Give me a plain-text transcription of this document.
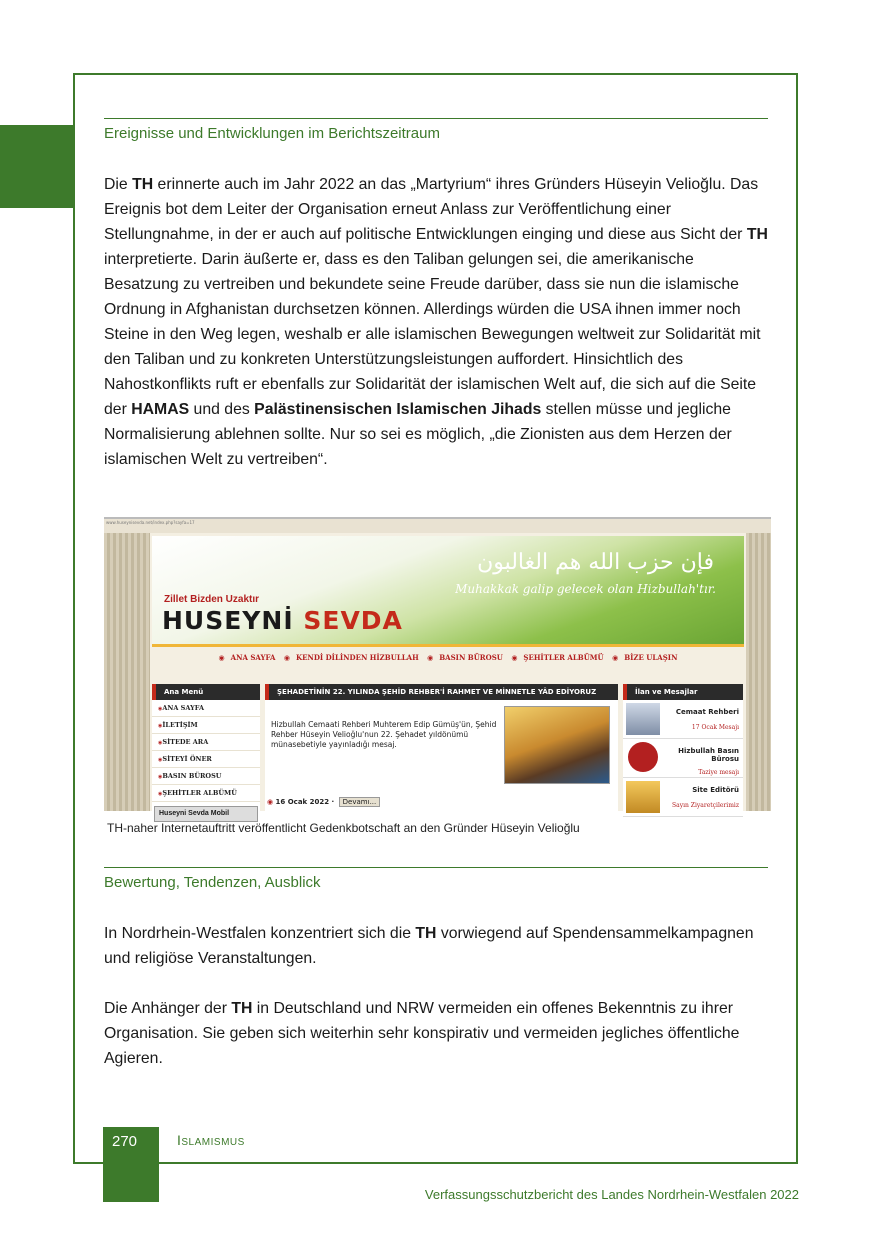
Ereignisse und Entwicklungen im Berichtszeitraum
Die TH erinnerte auch im Jahr 2022 an das „Martyrium“ ihres Gründers Hüseyin Velioğlu. Das Ereignis bot dem Leiter der Organisation erneut Anlass zur Veröffentlichung einer Stellungnahme, in der er auch auf politische Entwicklungen einging und diese aus Sicht der TH interpretierte. Darin äußerte er, dass es den Taliban gelungen sei, die amerikanische Besatzung zu vertreiben und bekundete seine Freude darüber, dass sie nun die islamische Ordnung in Afghanistan durchsetzen können. Allerdings würden die USA ihnen immer noch Steine in den Weg legen, weshalb er alle islamischen Bewegungen weltweit zur Solidarität mit den Taliban und zu konkreten Unterstützungsleistungen auffordert. Hinsichtlich des Nahostkonflikts ruft er ebenfalls zur Solidarität der islamischen Welt auf, die sich auf die Seite der HAMAS und des Palästinensischen Islamischen Jihads stellen müsse und jegliche Normalisierung ablehnen sollte. Nur so sei es möglich, „die Zionisten aus dem Herzen der islamischen Welt zu vertreiben“.
www.huseynisevda.net/index.php?sayfa=17
فإن حزب الله هم الغالبون
Muhakkak galip gelecek olan Hizbullah'tır.
Zillet Bizden Uzaktır
HUSEYNİ SEVDA
◉ ANA SAYFA ◉ KENDİ DİLİNDEN HİZBULLAH ◉ BASIN BÜROSU ◉ ŞEHİTLER ALBÜMÜ ◉ BİZE ULAŞIN
Ana Menü
◉ ANA SAYFA
◉ İLETİŞİM
◉ SİTEDE ARA
◉ SİTEYİ ÖNER
◉ BASIN BÜROSU
◉ ŞEHİTLER ALBÜMÜ
Huseyni Sevda Mobil
ŞEHADETİNİN 22. YILINDA ŞEHİD REHBER'İ RAHMET VE MİNNETLE YÂD EDİYORUZ
Hizbullah Cemaati Rehberi Muhterem Edip Gümüş'ün, Şehid Rehber Hüseyin Velioğlu'nun 22. Şehadet yıldönümü münasebetiyle yayınladığı mesaj.
◉ 16 Ocak 2022 · Devamı...
İlan ve Mesajlar
Cemaat Rehberi
17 Ocak Mesajı
Hizbullah Basın Bürosu
Taziye mesajı
Site Editörü
Sayın Ziyaretçilerimiz
TH-naher Internetauftritt veröffentlicht Gedenkbotschaft an den Gründer Hüseyin Velioğlu
Bewertung, Tendenzen, Ausblick
In Nordrhein-Westfalen konzentriert sich die TH vorwiegend auf Spendensammelkampagnen und religiöse Veranstaltungen.
Die Anhänger der TH in Deutschland und NRW vermeiden ein offenes Bekenntnis zu ihrer Organisation. Sie geben sich weiterhin sehr konspirativ und vermeiden jegliches öffentliche Agieren.
270	Islamismus
Verfassungsschutzbericht des Landes Nordrhein-Westfalen 2022
